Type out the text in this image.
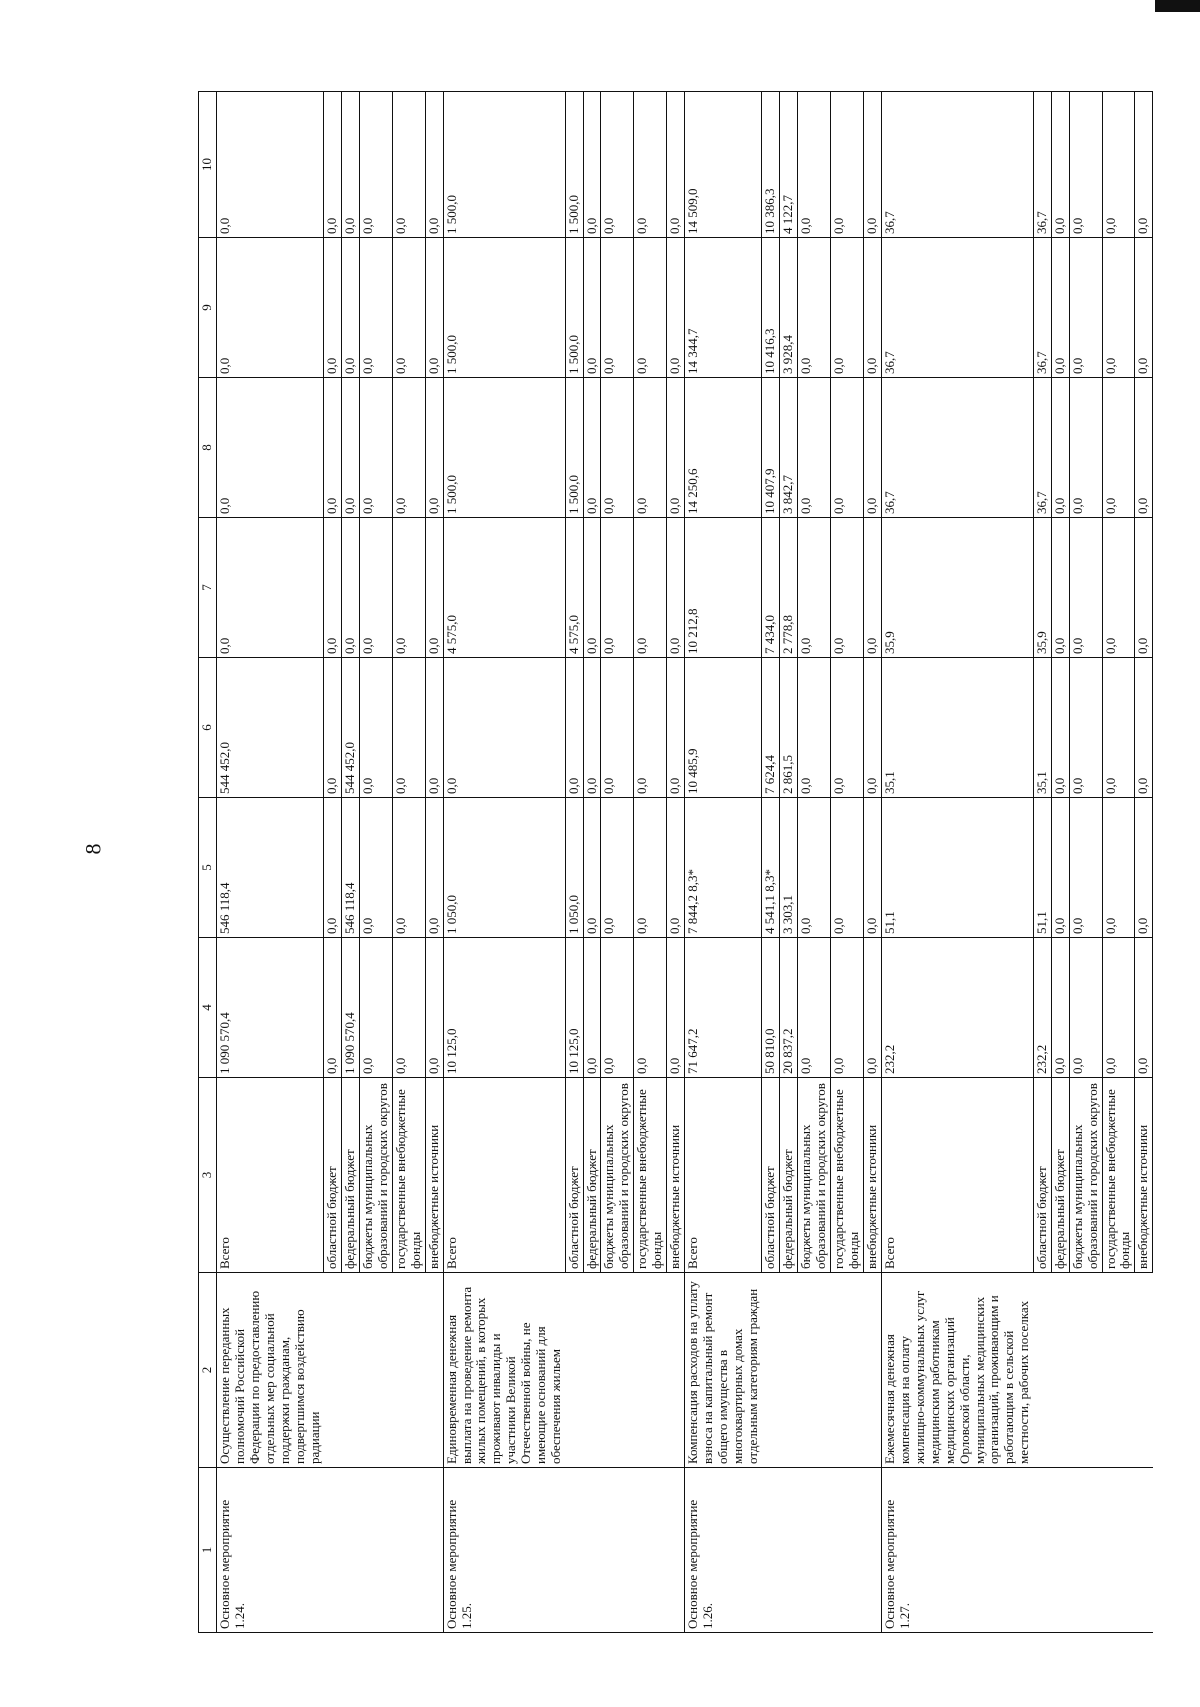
8
1	2	3	4	5	6	7	8	9	10
Основное мероприятие 1.24.	Осуществление переданных полномочий Российской Федерации по предоставлению отдельных мер социальной поддержки гражданам, подвергшимся воздействию радиации	Всего	1 090 570,4	546 118,4	544 452,0	0,0	0,0	0,0	0,0
		областной бюджет	0,0	0,0	0,0	0,0	0,0	0,0	0,0
		федеральный бюджет	1 090 570,4	546 118,4	544 452,0	0,0	0,0	0,0	0,0
		бюджеты муниципальных образований и городских округов	0,0	0,0	0,0	0,0	0,0	0,0	0,0
		государственные внебюджетные фонды	0,0	0,0	0,0	0,0	0,0	0,0	0,0
		внебюджетные источники	0,0	0,0	0,0	0,0	0,0	0,0	0,0
Основное мероприятие 1.25.	Единовременная денежная выплата на проведение ремонта жилых помещений, в которых проживают инвалиды и участники Великой Отечественной войны, не имеющие оснований для обеспечения жильем	Всего	10 125,0	1 050,0	0,0	4 575,0	1 500,0	1 500,0	1 500,0
		областной бюджет	10 125,0	1 050,0	0,0	4 575,0	1 500,0	1 500,0	1 500,0
		федеральный бюджет	0,0	0,0	0,0	0,0	0,0	0,0	0,0
		бюджеты муниципальных образований и городских округов	0,0	0,0	0,0	0,0	0,0	0,0	0,0
		государственные внебюджетные фонды	0,0	0,0	0,0	0,0	0,0	0,0	0,0
		внебюджетные источники	0,0	0,0	0,0	0,0	0,0	0,0	0,0
Основное мероприятие 1.26.	Компенсация расходов на уплату взноса на капитальный ремонт общего имущества в многоквартирных домах отдельным категориям граждан	Всего	71 647,2	7 844,2 8,3*	10 485,9	10 212,8	14 250,6	14 344,7	14 509,0
		областной бюджет	50 810,0	4 541,1 8,3*	7 624,4	7 434,0	10 407,9	10 416,3	10 386,3
		федеральный бюджет	20 837,2	3 303,1	2 861,5	2 778,8	3 842,7	3 928,4	4 122,7
		бюджеты муниципальных образований и городских округов	0,0	0,0	0,0	0,0	0,0	0,0	0,0
		государственные внебюджетные фонды	0,0	0,0	0,0	0,0	0,0	0,0	0,0
		внебюджетные источники	0,0	0,0	0,0	0,0	0,0	0,0	0,0
Основное мероприятие 1.27.	Ежемесячная денежная компенсация на оплату жилищно-коммунальных услуг медицинским работникам медицинских организаций Орловской области, муниципальных медицинских организаций, проживающим и работающим в сельской местности, рабочих поселках	Всего	232,2	51,1	35,1	35,9	36,7	36,7	36,7
		областной бюджет	232,2	51,1	35,1	35,9	36,7	36,7	36,7
		федеральный бюджет	0,0	0,0	0,0	0,0	0,0	0,0	0,0
		бюджеты муниципальных образований и городских округов	0,0	0,0	0,0	0,0	0,0	0,0	0,0
		государственные внебюджетные фонды	0,0	0,0	0,0	0,0	0,0	0,0	0,0
		внебюджетные источники	0,0	0,0	0,0	0,0	0,0	0,0	0,0
